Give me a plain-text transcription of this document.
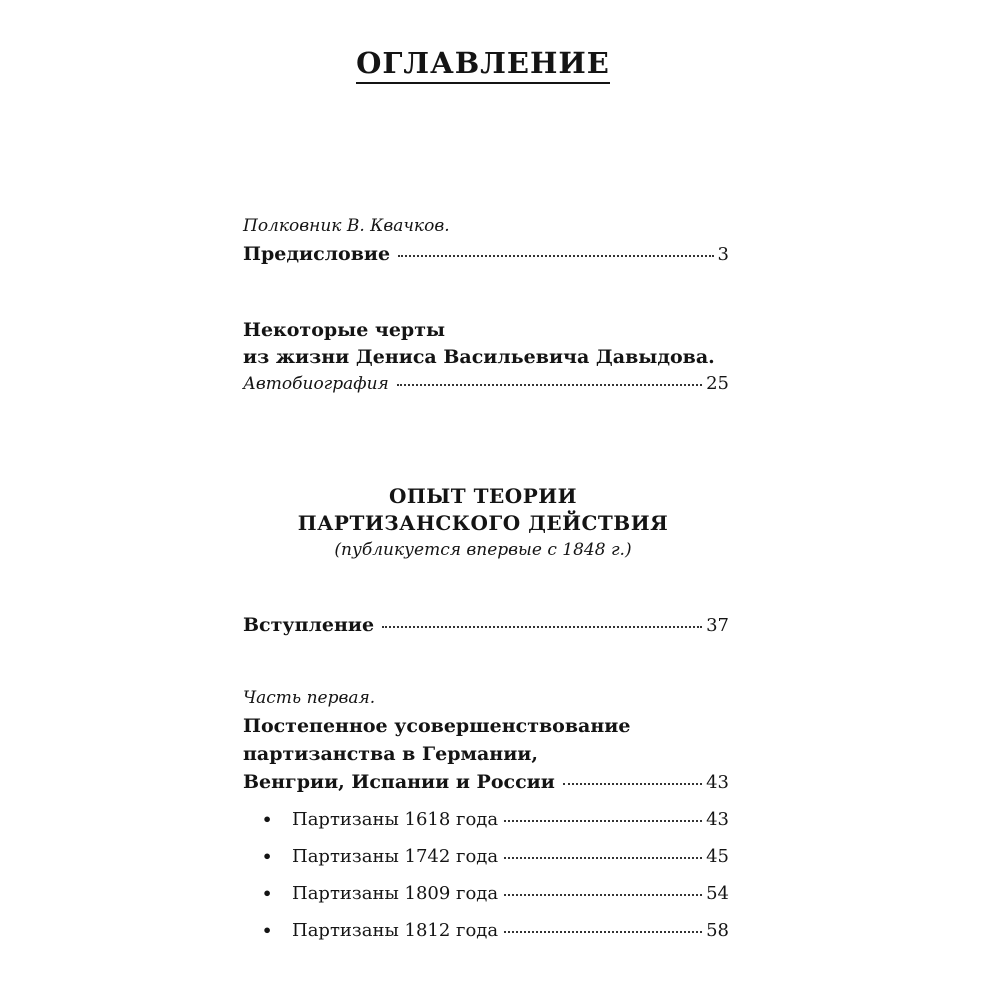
ОГЛАВЛЕНИЕ
Полковник В. Квачков.
Предисловие	3
Некоторые черты
из жизни Дениса Васильевича Давыдова.
Автобиография	25
ОПЫТ ТЕОРИИ
ПАРТИЗАНСКОГО ДЕЙСТВИЯ
(публикуется впервые с 1848 г.)
Вступление	37
Часть первая.
Постепенное усовершенствование
партизанства в Германии,
Венгрии, Испании и России	43
•	Партизаны 1618 года	43
•	Партизаны 1742 года	45
•	Партизаны 1809 года	54
•	Партизаны 1812 года	58
